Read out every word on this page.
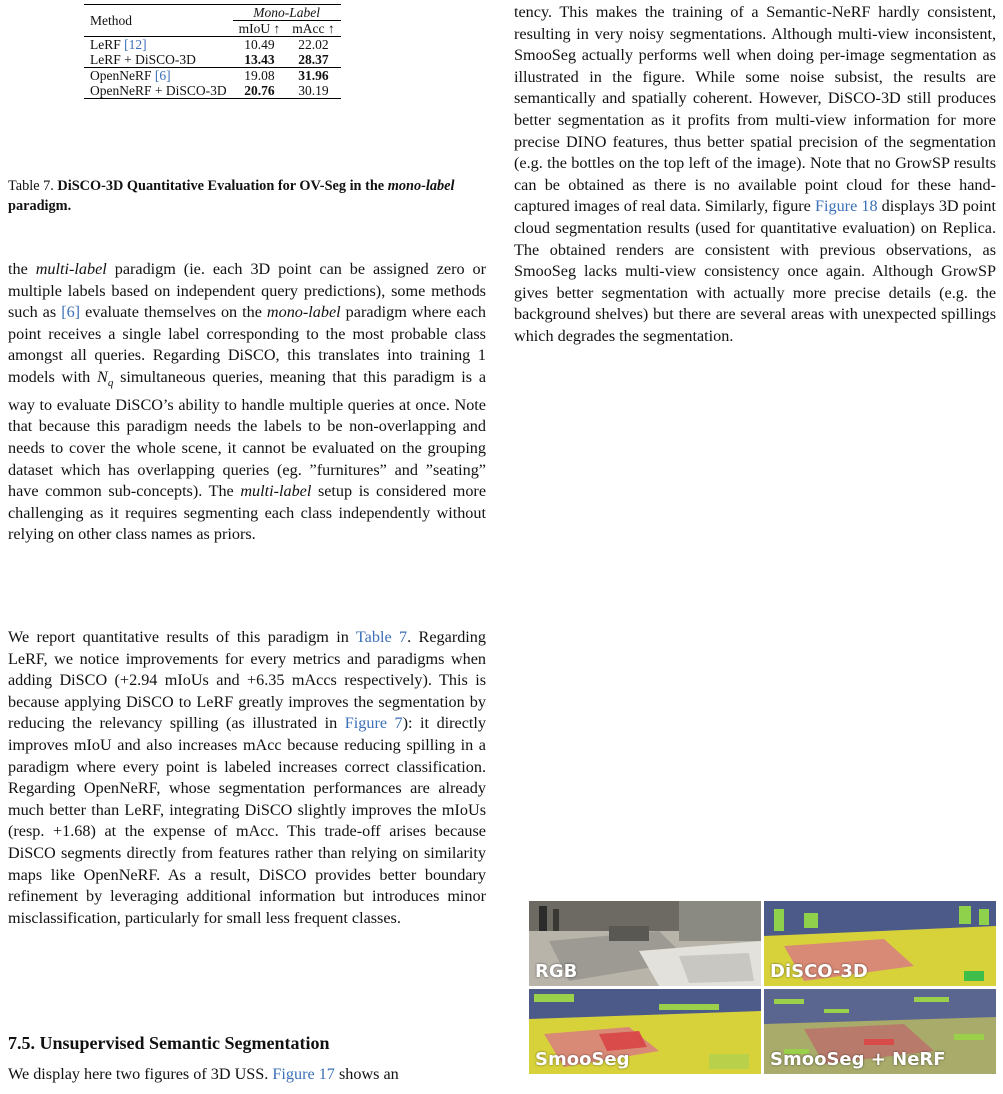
Method	Mono-Label	
	mIoU ↑	mAcc ↑
LeRF [12]	10.49	22.02
LeRF + DiSCO-3D	13.43	28.37
OpenNeRF [6]	19.08	31.96
OpenNeRF + DiSCO-3D	20.76	30.19
Table 7. DiSCO-3D Quantitative Evaluation for OV-Seg in the mono-label paradigm.

the multi-label paradigm (ie. each 3D point can be assigned zero or multiple labels based on independent query predictions), some methods such as [6] evaluate themselves on the mono-label paradigm where each point receives a single label corresponding to the most probable class amongst all queries. Regarding DiSCO, this translates into training 1 models with $N_q$ simultaneous queries, meaning that this paradigm is a way to evaluate DiSCO’s ability to handle multiple queries at once. Note that because this paradigm needs the labels to be non-overlapping and needs to cover the whole scene, it cannot be evaluated on the grouping dataset which has overlapping queries (eg. ”furnitures” and ”seating” have common sub-concepts). The multi-label setup is considered more challenging as it requires segmenting each class independently without relying on other class names as priors.

We report quantitative results of this paradigm in Table 7. Regarding LeRF, we notice improvements for every metrics and paradigms when adding DiSCO (+2.94 mIoUs and +6.35 mAccs respectively). This is because applying DiSCO to LeRF greatly improves the segmentation by reducing the relevancy spilling (as illustrated in Figure 7): it directly improves mIoU and also increases mAcc because reducing spilling in a paradigm where every point is labeled increases correct classification. Regarding OpenNeRF, whose segmentation performances are already much better than LeRF, integrating DiSCO slightly improves the mIoUs (resp. +1.68) at the expense of mAcc. This trade-off arises because DiSCO segments directly from features rather than relying on similarity maps like OpenNeRF. As a result, DiSCO provides better boundary refinement by leveraging additional information but introduces minor misclassification, particularly for small less frequent classes.

7.5. Unsupervised Semantic Segmentation

We display here two figures of 3D USS. Figure 17 shows an

tency. This makes the training of a Semantic-NeRF hardly consistent, resulting in very noisy segmentations. Although multi-view inconsistent, SmooSeg actually performs well when doing per-image segmentation as illustrated in the figure. While some noise subsist, the results are semantically and spatially coherent. However, DiSCO-3D still produces better segmentation as it profits from multi-view information for more precise DINO features, thus better spatial precision of the segmentation (e.g. the bottles on the top left of the image). Note that no GrowSP results can be obtained as there is no available point cloud for these hand-captured images of real data. Similarly, figure Figure 18 displays 3D point cloud segmentation results (used for quantitative evaluation) on Replica. The obtained renders are consistent with previous observations, as SmooSeg lacks multi-view consistency once again. Although GrowSP gives better segmentation with actually more precise details (e.g. the background shelves) but there are several areas with unexpected spillings which degrades the segmentation.

RGB	DiSCO-3D
SmooSeg	SmooSeg + NeRF
